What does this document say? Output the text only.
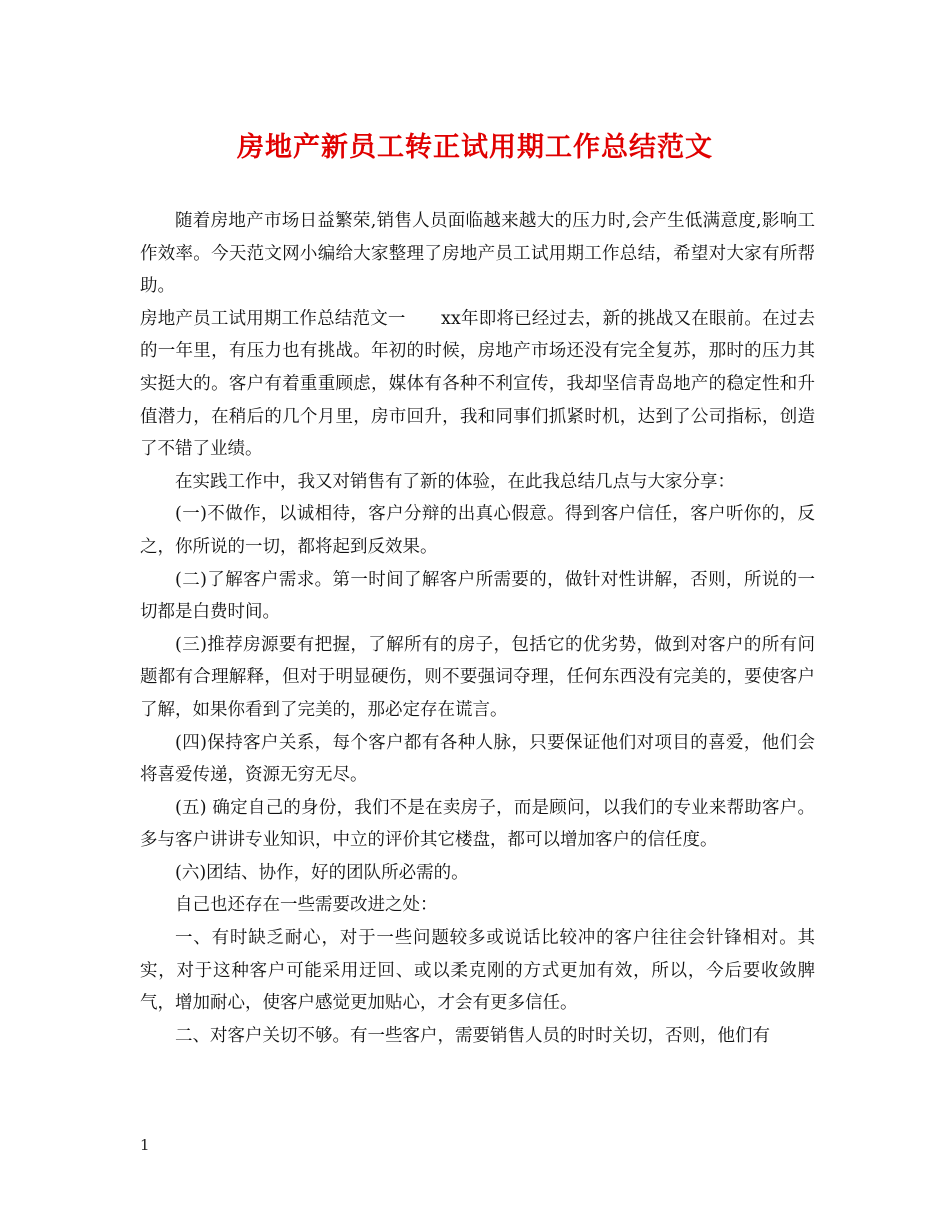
房地产新员工转正试用期工作总结范文

随着房地产市场日益繁荣,销售人员面临越来越大的压力时,会产生低满意度,影响工作效率。今天范文网小编给大家整理了房地产员工试用期工作总结，希望对大家有所帮助。

房地产员工试用期工作总结范文一　　xx年即将已经过去，新的挑战又在眼前。在过去的一年里，有压力也有挑战。年初的时候，房地产市场还没有完全复苏，那时的压力其实挺大的。客户有着重重顾虑，媒体有各种不利宣传，我却坚信青岛地产的稳定性和升值潜力，在稍后的几个月里，房市回升，我和同事们抓紧时机，达到了公司指标，创造了不错了业绩。

在实践工作中，我又对销售有了新的体验，在此我总结几点与大家分享：

(一)不做作，以诚相待，客户分辩的出真心假意。得到客户信任，客户听你的，反之，你所说的一切，都将起到反效果。

(二)了解客户需求。第一时间了解客户所需要的，做针对性讲解，否则，所说的一切都是白费时间。

(三)推荐房源要有把握，了解所有的房子，包括它的优劣势，做到对客户的所有问题都有合理解释，但对于明显硬伤，则不要强词夺理，任何东西没有完美的，要使客户了解，如果你看到了完美的，那必定存在谎言。

(四)保持客户关系，每个客户都有各种人脉，只要保证他们对项目的喜爱，他们会将喜爱传递，资源无穷无尽。

(五) 确定自己的身份，我们不是在卖房子，而是顾问，以我们的专业来帮助客户。多与客户讲讲专业知识，中立的评价其它楼盘，都可以增加客户的信任度。

(六)团结、协作，好的团队所必需的。

自己也还存在一些需要改进之处：

一、有时缺乏耐心，对于一些问题较多或说话比较冲的客户往往会针锋相对。其实，对于这种客户可能采用迂回、或以柔克刚的方式更加有效，所以，今后要收敛脾气，增加耐心，使客户感觉更加贴心，才会有更多信任。

二、对客户关切不够。有一些客户，需要销售人员的时时关切，否则，他们有

1
